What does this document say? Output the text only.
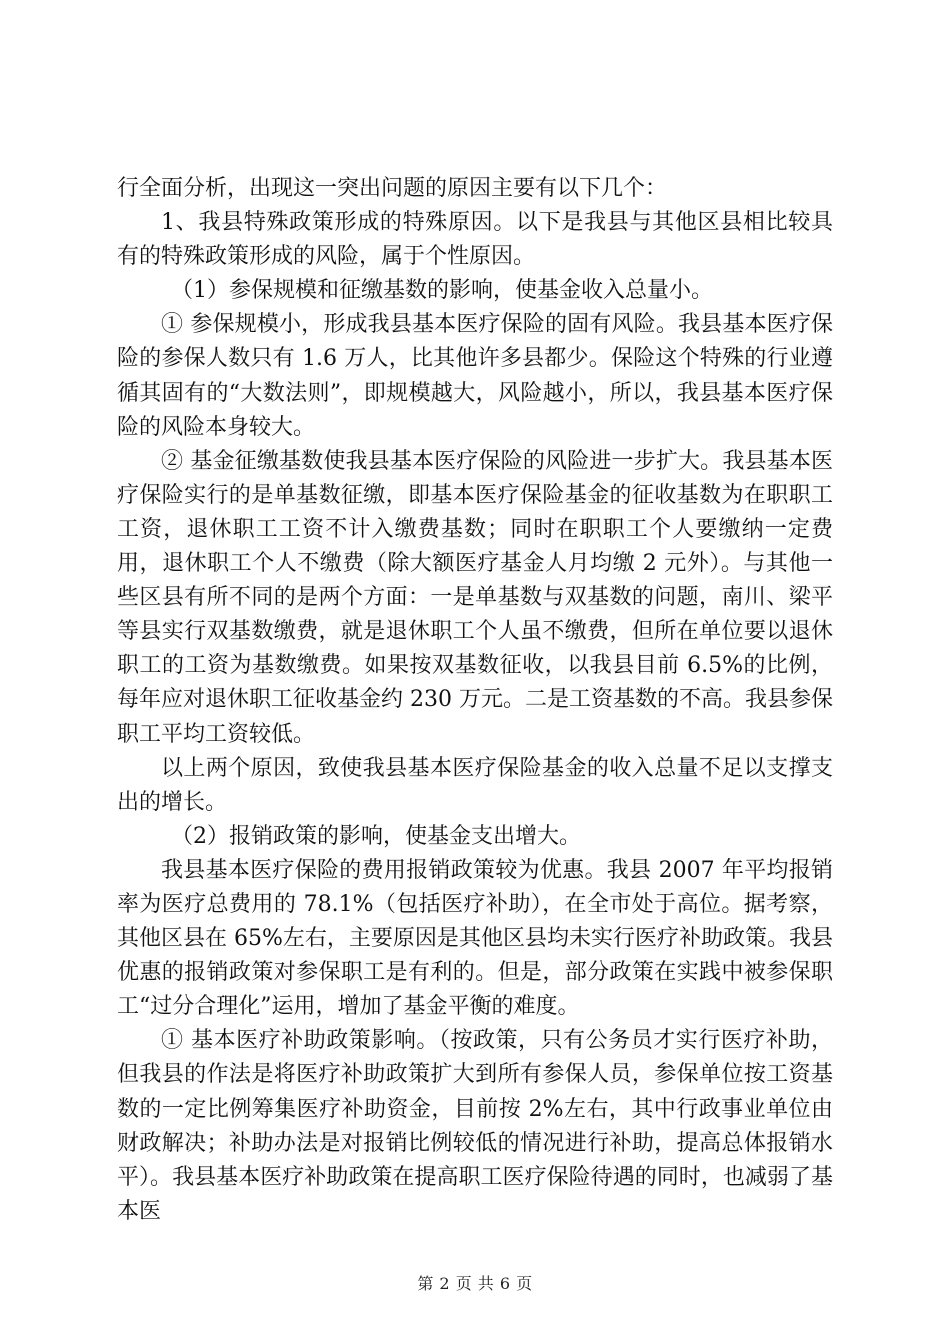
行全面分析，出现这一突出问题的原因主要有以下几个：

1、我县特殊政策形成的特殊原因。以下是我县与其他区县相比较具有的特殊政策形成的风险，属于个性原因。

（1）参保规模和征缴基数的影响，使基金收入总量小。

① 参保规模小，形成我县基本医疗保险的固有风险。我县基本医疗保险的参保人数只有 1.6 万人，比其他许多县都少。保险这个特殊的行业遵循其固有的“大数法则”，即规模越大，风险越小，所以，我县基本医疗保险的风险本身较大。

② 基金征缴基数使我县基本医疗保险的风险进一步扩大。我县基本医疗保险实行的是单基数征缴，即基本医疗保险基金的征收基数为在职职工工资，退休职工工资不计入缴费基数；同时在职职工个人要缴纳一定费用，退休职工个人不缴费（除大额医疗基金人月均缴 2 元外）。与其他一些区县有所不同的是两个方面：一是单基数与双基数的问题，南川、梁平等县实行双基数缴费，就是退休职工个人虽不缴费，但所在单位要以退休职工的工资为基数缴费。如果按双基数征收，以我县目前 6.5%的比例，每年应对退休职工征收基金约 230 万元。二是工资基数的不高。我县参保职工平均工资较低。

以上两个原因，致使我县基本医疗保险基金的收入总量不足以支撑支出的增长。

（2）报销政策的影响，使基金支出增大。

我县基本医疗保险的费用报销政策较为优惠。我县 2007 年平均报销率为医疗总费用的 78.1%（包括医疗补助），在全市处于高位。据考察，其他区县在 65%左右，主要原因是其他区县均未实行医疗补助政策。我县优惠的报销政策对参保职工是有利的。但是，部分政策在实践中被参保职工“过分合理化”运用，增加了基金平衡的难度。

① 基本医疗补助政策影响。（按政策，只有公务员才实行医疗补助，但我县的作法是将医疗补助政策扩大到所有参保人员，参保单位按工资基数的一定比例筹集医疗补助资金，目前按 2%左右，其中行政事业单位由财政解决；补助办法是对报销比例较低的情况进行补助，提高总体报销水平）。我县基本医疗补助政策在提高职工医疗保险待遇的同时，也减弱了基本医

第 2 页 共 6 页
